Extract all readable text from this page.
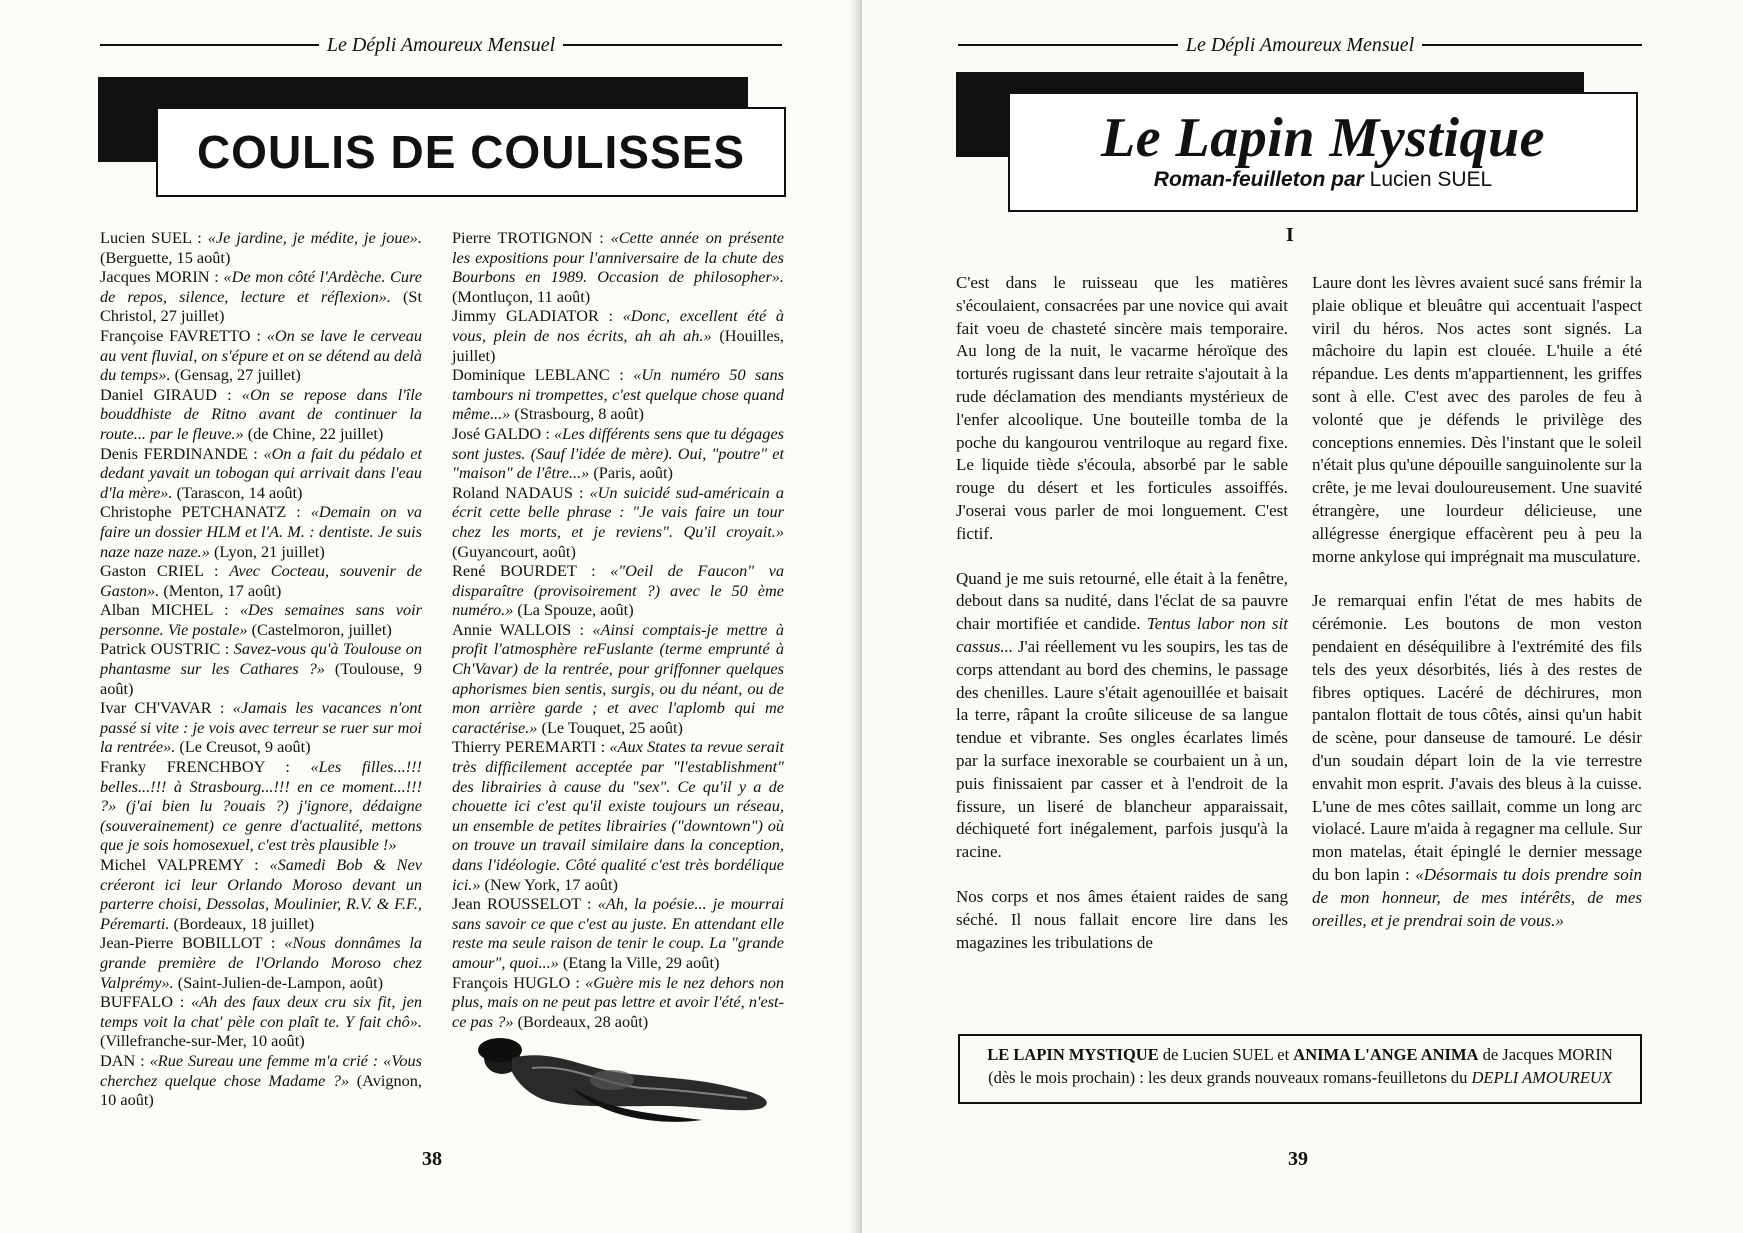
Le Dépli Amoureux Mensuel
COULIS DE COULISSES
Lucien SUEL : «Je jardine, je médite, je joue». (Berguette, 15 août)
Jacques MORIN : «De mon côté l'Ardèche. Cure de repos, silence, lecture et réflexion». (St Christol, 27 juillet)
Françoise FAVRETTO : «On se lave le cerveau au vent fluvial, on s'épure et on se détend au delà du temps». (Gensag, 27 juillet)
Daniel GIRAUD : «On se repose dans l'île bouddhiste de Ritno avant de continuer la route... par le fleuve.» (de Chine, 22 juillet)
Denis FERDINANDE : «On a fait du pédalo et dedant yavait un tobogan qui arrivait dans l'eau d'la mère». (Tarascon, 14 août)
Christophe PETCHANATZ : «Demain on va faire un dossier HLM et l'A. M. : dentiste. Je suis naze naze naze.» (Lyon, 21 juillet)
Gaston CRIEL : Avec Cocteau, souvenir de Gaston». (Menton, 17 août)
Alban MICHEL : «Des semaines sans voir personne. Vie postale» (Castelmoron, juillet)
Patrick OUSTRIC : Savez-vous qu'à Toulouse on phantasme sur les Cathares ?» (Toulouse, 9 août)
Ivar CH'VAVAR : «Jamais les vacances n'ont passé si vite : je vois avec terreur se ruer sur moi la rentrée». (Le Creusot, 9 août)
Franky FRENCHBOY : «Les filles...!!! belles...!!! à Strasbourg...!!! en ce moment...!!! ?» (j'ai bien lu ?ouais ?) j'ignore, dédaigne (souverainement) ce genre d'actualité, mettons que je sois homosexuel, c'est très plausible !»
Michel VALPREMY : «Samedi Bob & Nev créeront ici leur Orlando Moroso devant un parterre choisi, Dessolas, Moulinier, R.V. & F.F., Péremarti. (Bordeaux, 18 juillet)
Jean-Pierre BOBILLOT : «Nous donnâmes la grande première de l'Orlando Moroso chez Valprémy». (Saint-Julien-de-Lampon, août)
BUFFALO : «Ah des faux deux cru six fit, jen temps voit la chat' pèle con plaît te. Y fait chô». (Villefranche-sur-Mer, 10 août)
DAN : «Rue Sureau une femme m'a crié : «Vous cherchez quelque chose Madame ?» (Avignon, 10 août)
Pierre TROTIGNON : «Cette année on présente les expositions pour l'anniversaire de la chute des Bourbons en 1989. Occasion de philosopher». (Montluçon, 11 août)
Jimmy GLADIATOR : «Donc, excellent été à vous, plein de nos écrits, ah ah ah.» (Houilles, juillet)
Dominique LEBLANC : «Un numéro 50 sans tambours ni trompettes, c'est quelque chose quand même...» (Strasbourg, 8 août)
José GALDO : «Les différents sens que tu dégages sont justes. (Sauf l'idée de mère). Oui, "poutre" et "maison" de l'être...» (Paris, août)
Roland NADAUS : «Un suicidé sud-américain a écrit cette belle phrase : "Je vais faire un tour chez les morts, et je reviens". Qu'il croyait.» (Guyancourt, août)
René BOURDET : «"Oeil de Faucon" va disparaître (provisoirement ?) avec le 50 ème numéro.» (La Spouze, août)
Annie WALLOIS : «Ainsi comptais-je mettre à profit l'atmosphère reFuslante (terme emprunté à Ch'Vavar) de la rentrée, pour griffonner quelques aphorismes bien sentis, surgis, ou du néant, ou de mon arrière garde ; et avec l'aplomb qui me caractérise.» (Le Touquet, 25 août)
Thierry PEREMARTI : «Aux States ta revue serait très difficilement acceptée par "l'establishment" des librairies à cause du "sex". Ce qu'il y a de chouette ici c'est qu'il existe toujours un réseau, un ensemble de petites librairies ("downtown") où on trouve un travail similaire dans la conception, dans l'idéologie. Côté qualité c'est très bordélique ici.» (New York, 17 août)
Jean ROUSSELOT : «Ah, la poésie... je mourrai sans savoir ce que c'est au juste. En attendant elle reste ma seule raison de tenir le coup. La "grande amour", quoi...» (Etang la Ville, 29 août)
François HUGLO : «Guère mis le nez dehors non plus, mais on ne peut pas lettre et avoir l'été, n'est-ce pas ?» (Bordeaux, 28 août)
38
Le Dépli Amoureux Mensuel
Le Lapin Mystique
Roman-feuilleton par Lucien SUEL
I

C'est dans le ruisseau que les matières s'écoulaient, consacrées par une novice qui avait fait voeu de chasteté sincère mais temporaire. Au long de la nuit, le vacarme héroïque des torturés rugissant dans leur retraite s'ajoutait à la rude déclamation des mendiants mystérieux de l'enfer alcoolique. Une bouteille tomba de la poche du kangourou ventriloque au regard fixe. Le liquide tiède s'écoula, absorbé par le sable rouge du désert et les forticules assoiffés. J'oserai vous parler de moi longuement. C'est fictif.

Quand je me suis retourné, elle était à la fenêtre, debout dans sa nudité, dans l'éclat de sa pauvre chair mortifiée et candide. Tentus labor non sit cassus... J'ai réellement vu les soupirs, les tas de corps attendant au bord des chemins, le passage des chenilles. Laure s'était agenouillée et baisait la terre, râpant la croûte siliceuse de sa langue tendue et vibrante. Ses ongles écarlates limés par la surface inexorable se courbaient un à un, puis finissaient par casser et à l'endroit de la fissure, un liseré de blancheur apparaissait, déchiqueté fort inégalement, parfois jusqu'à la racine.

Nos corps et nos âmes étaient raides de sang séché. Il nous fallait encore lire dans les magazines les tribulations de

Laure dont les lèvres avaient sucé sans frémir la plaie oblique et bleuâtre qui accentuait l'aspect viril du héros. Nos actes sont signés. La mâchoire du lapin est clouée. L'huile a été répandue. Les dents m'appartiennent, les griffes sont à elle. C'est avec des paroles de feu à volonté que je défends le privilège des conceptions ennemies. Dès l'instant que le soleil n'était plus qu'une dépouille sanguinolente sur la crête, je me levai douloureusement. Une suavité étrangère, une lourdeur délicieuse, une allégresse énergique effacèrent peu à peu la morne ankylose qui imprégnait ma musculature.

Je remarquai enfin l'état de mes habits de cérémonie. Les boutons de mon veston pendaient en déséquilibre à l'extrémité des fils tels des yeux désorbités, liés à des restes de fibres optiques. Lacéré de déchirures, mon pantalon flottait de tous côtés, ainsi qu'un habit de scène, pour danseuse de tamouré. Le désir d'un soudain départ loin de la vie terrestre envahit mon esprit. J'avais des bleus à la cuisse. L'une de mes côtes saillait, comme un long arc violacé. Laure m'aida à regagner ma cellule. Sur mon matelas, était épinglé le dernier message du bon lapin : «Désormais tu dois prendre soin de mon honneur, de mes intérêts, de mes oreilles, et je prendrai soin de vous.»

LE LAPIN MYSTIQUE de Lucien SUEL et ANIMA L'ANGE ANIMA de Jacques MORIN
(dès le mois prochain) : les deux grands nouveaux romans-feuilletons du DEPLI AMOUREUX
39
